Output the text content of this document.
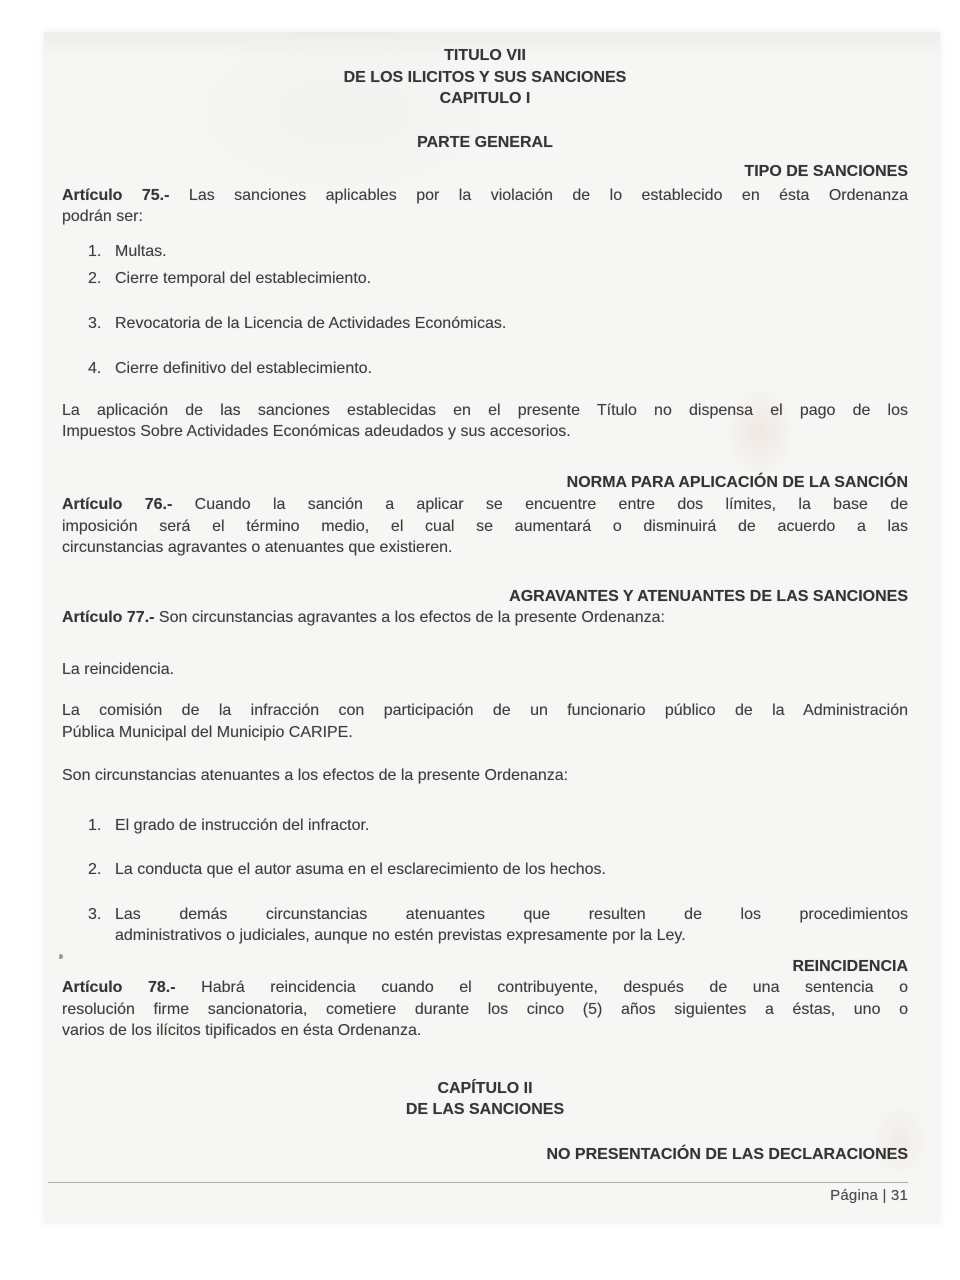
TITULO VII
DE LOS ILICITOS Y SUS SANCIONES
CAPITULO I
PARTE GENERAL
TIPO DE SANCIONES
Artículo 75.- Las sanciones aplicables por la violación de lo establecido en ésta Ordenanza
podrán ser:
1. Multas.
2. Cierre temporal del establecimiento.
3. Revocatoria de la Licencia de Actividades Económicas.
4. Cierre definitivo del establecimiento.
La aplicación de las sanciones establecidas en el presente Título no dispensa el pago de los
Impuestos Sobre Actividades Económicas adeudados y sus accesorios.
NORMA PARA APLICACIÓN DE LA SANCIÓN
Artículo 76.- Cuando la sanción a aplicar se encuentre entre dos límites, la base de
imposición será el término medio, el cual se aumentará o disminuirá de acuerdo a las
circunstancias agravantes o atenuantes que existieren.
AGRAVANTES Y ATENUANTES DE LAS SANCIONES
Artículo 77.- Son circunstancias agravantes a los efectos de la presente Ordenanza:
La reincidencia.
La comisión de la infracción con participación de un funcionario público de la Administración
Pública Municipal del Municipio CARIPE.
Son circunstancias atenuantes a los efectos de la presente Ordenanza:
1. El grado de instrucción del infractor.
2. La conducta que el autor asuma en el esclarecimiento de los hechos.
3. Las demás circunstancias atenuantes que resulten de los procedimientos
administrativos o judiciales, aunque no estén previstas expresamente por la Ley.
REINCIDENCIA
Artículo 78.- Habrá reincidencia cuando el contribuyente, después de una sentencia o
resolución firme sancionatoria, cometiere durante los cinco (5) años siguientes a éstas, uno o
varios de los ilícitos tipificados en ésta Ordenanza.
CAPÍTULO II
DE LAS SANCIONES
NO PRESENTACIÓN DE LAS DECLARACIONES
Página | 31
